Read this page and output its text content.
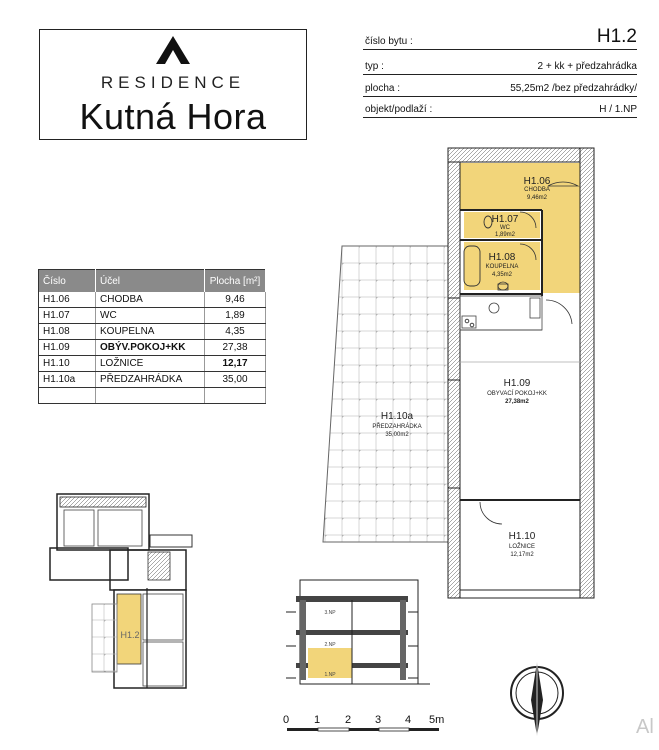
RESIDENCE
Kutná Hora
číslo bytu :	H1.2
typ :	2 + kk + předzahrádka
plocha :	55,25m2 /bez předzahrádky/
objekt/podlaží :	H / 1.NP
Číslo	Účel	Plocha [m²]
H1.06	CHODBA	9,46
H1.07	WC	1,89
H1.08	KOUPELNA	4,35
H1.09	OBÝV.POKOJ+KK	27,38
H1.10	LOŽNICE	12,17
H1.10a	PŘEDZAHRÁDKA	35,00

H1.06
CHODBA
9,46m2
H1.07
WC
1,89m2
H1.08
KOUPELNA
4,35m2
H1.09
OBYVACÍ POKOJ+KK
27,38m2
H1.10
LOŽNICE
12,17m2
H1.10a
PŘEDZAHRÁDKA
35,00m2
H1.2
3.NP
2.NP
1.NP
0 1 2 3 4 5m	Al
